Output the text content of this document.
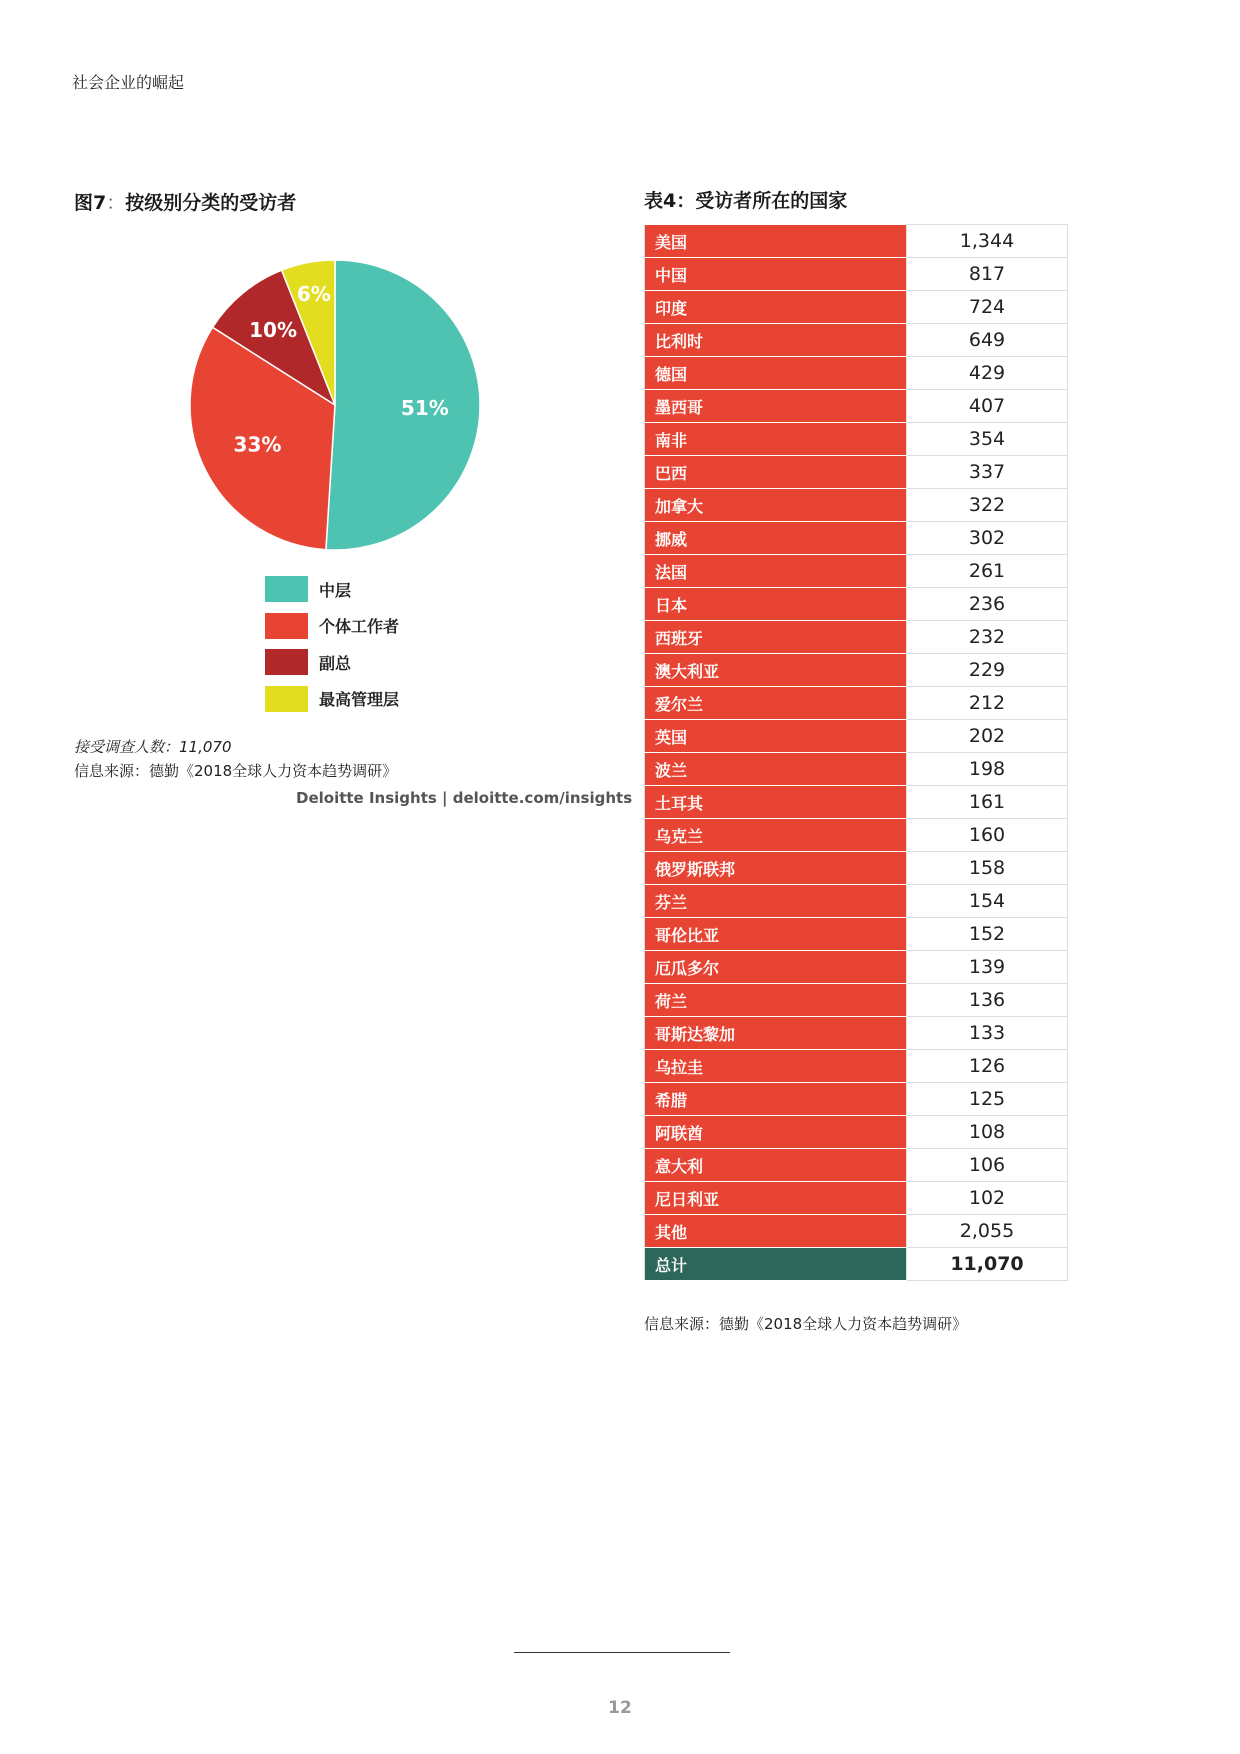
社会企业的崛起
图7：按级别分类的受访者
51%
33%
10%
6%
中层
个体工作者
副总
最高管理层
接受调查人数：11,070
信息来源：德勤《2018全球人力资本趋势调研》
Deloitte Insights | deloitte.com/insights
表4：受访者所在的国家
美国	1,344
中国	817
印度	724
比利时	649
德国	429
墨西哥	407
南非	354
巴西	337
加拿大	322
挪威	302
法国	261
日本	236
西班牙	232
澳大利亚	229
爱尔兰	212
英国	202
波兰	198
土耳其	161
乌克兰	160
俄罗斯联邦	158
芬兰	154
哥伦比亚	152
厄瓜多尔	139
荷兰	136
哥斯达黎加	133
乌拉圭	126
希腊	125
阿联酋	108
意大利	106
尼日利亚	102
其他	2,055
总计	11,070
信息来源：德勤《2018全球人力资本趋势调研》
12
